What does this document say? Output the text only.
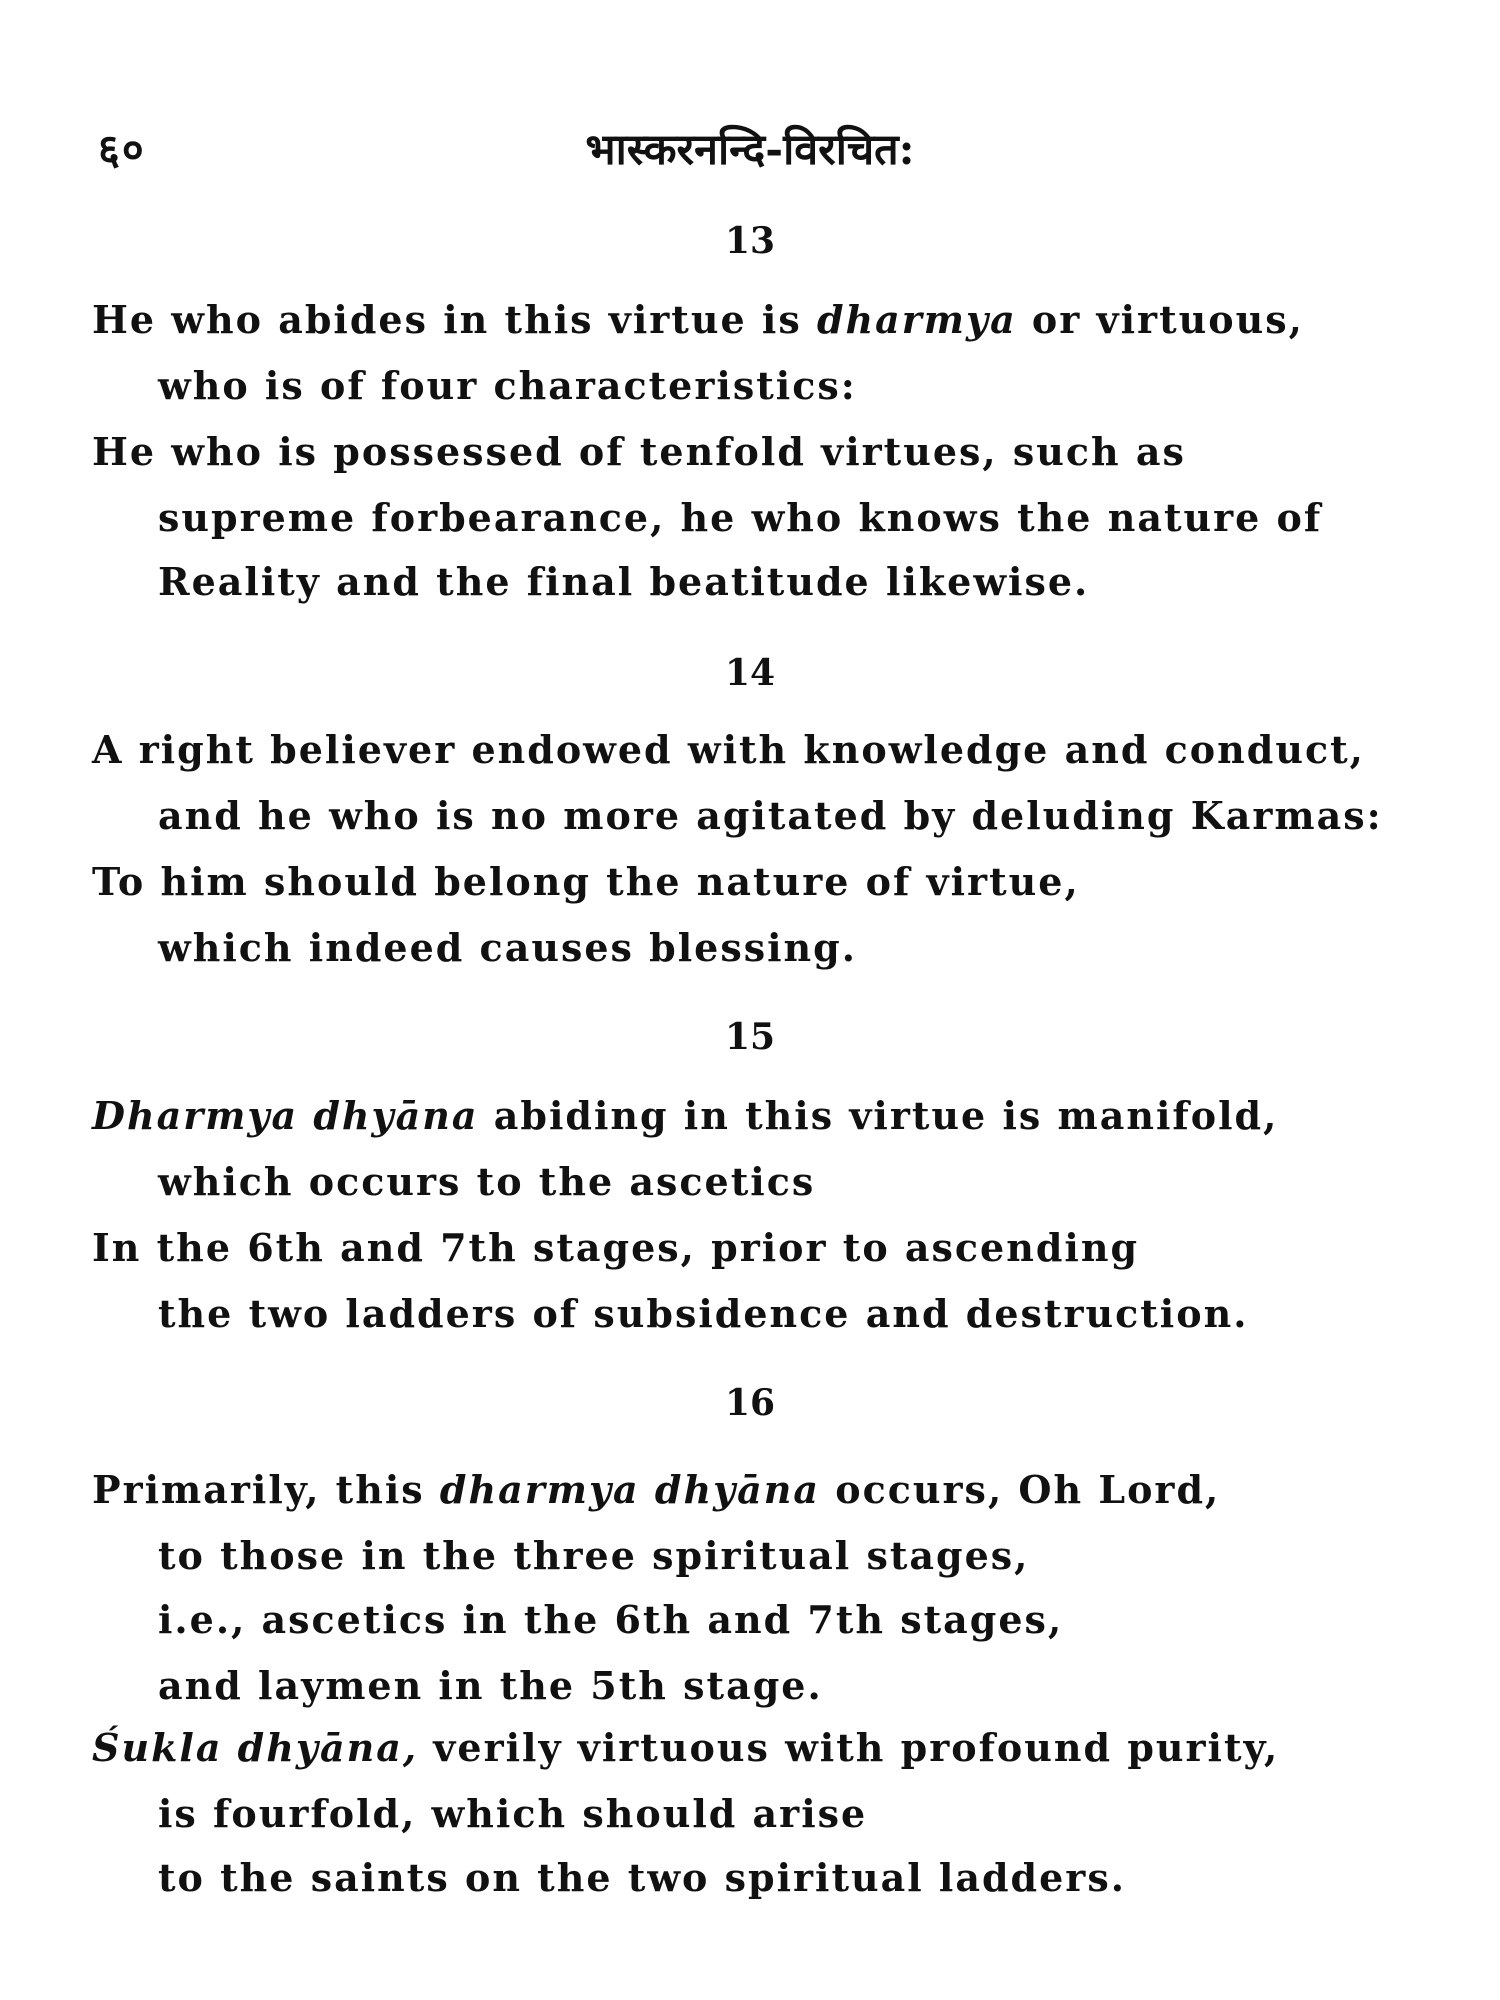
६०	भास्करनन्दि-विरचित:
13
He who abides in this virtue is dharmya or virtuous,
who is of four characteristics:
He who is possessed of tenfold virtues, such as
supreme forbearance, he who knows the nature of
Reality and the final beatitude likewise.
14
A right believer endowed with knowledge and conduct,
and he who is no more agitated by deluding Karmas:
To him should belong the nature of virtue,
which indeed causes blessing.
15
Dharmya dhyāna abiding in this virtue is manifold,
which occurs to the ascetics
In the 6th and 7th stages, prior to ascending
the two ladders of subsidence and destruction.
16
Primarily, this dharmya dhyāna occurs, Oh Lord,
to those in the three spiritual stages,
i.e., ascetics in the 6th and 7th stages,
and laymen in the 5th stage.
Śukla dhyāna, verily virtuous with profound purity,
is fourfold, which should arise
to the saints on the two spiritual ladders.
